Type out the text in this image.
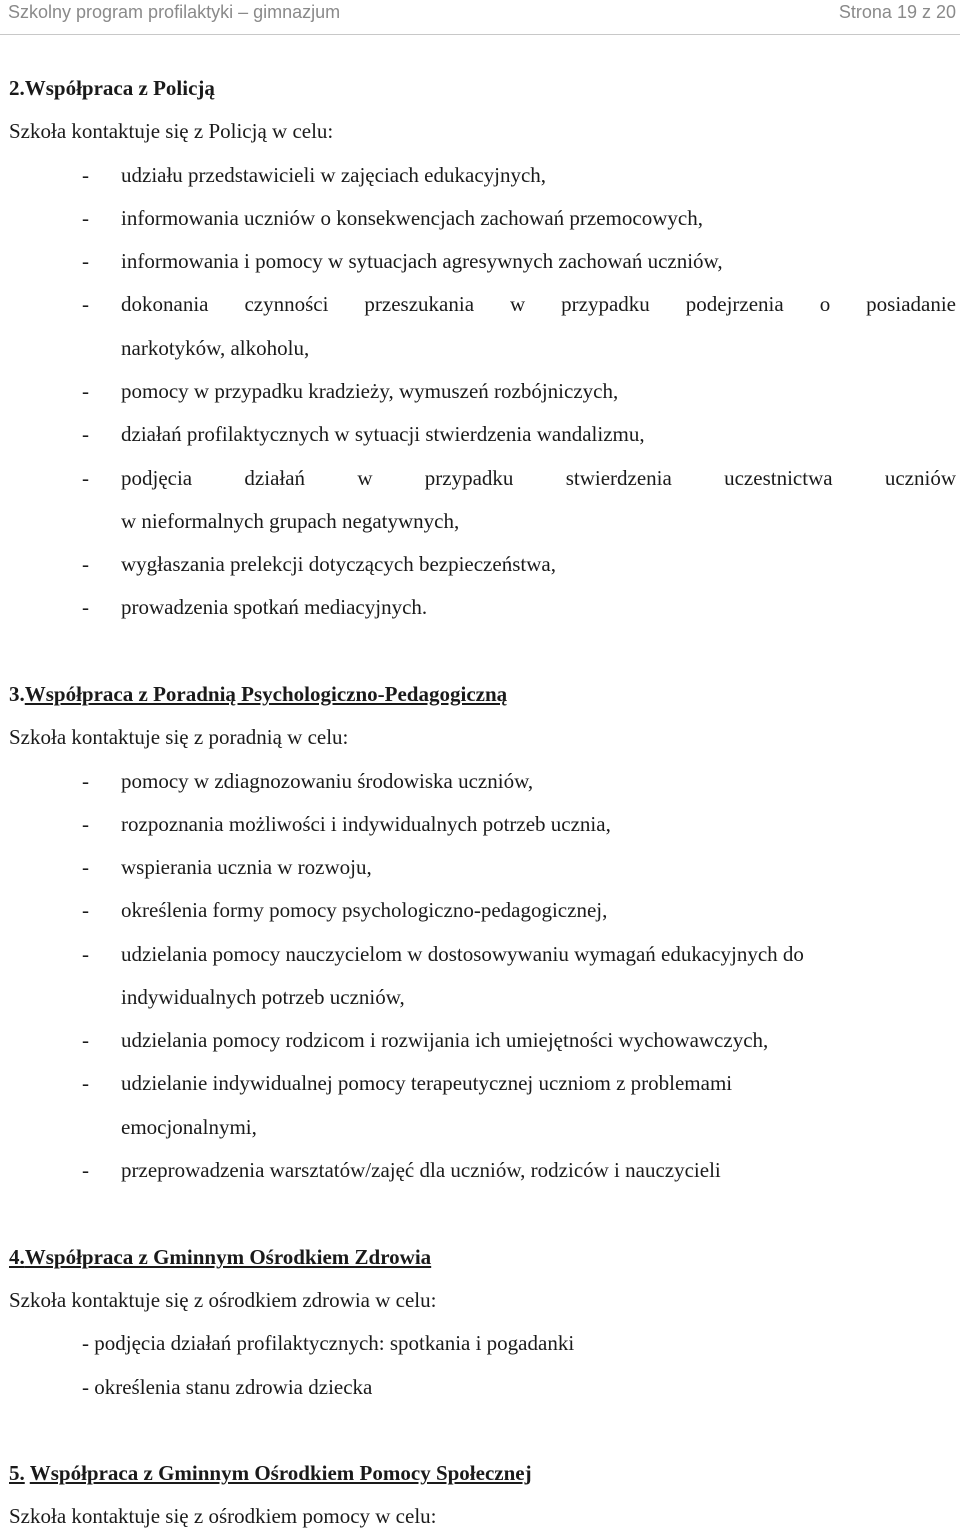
Szkolny program profilaktyki – gimnazjum	Strona 19 z 20
2.Współpraca z Policją
Szkoła kontaktuje się z Policją w celu:
- udziału przedstawicieli w zajęciach edukacyjnych,
- informowania uczniów o konsekwencjach zachowań przemocowych,
- informowania i pomocy w sytuacjach agresywnych zachowań uczniów,
- dokonania czynności przeszukania w przypadku podejrzenia o posiadanie
narkotyków, alkoholu,
- pomocy w przypadku kradzieży, wymuszeń rozbójniczych,
- działań profilaktycznych w sytuacji stwierdzenia wandalizmu,
- podjęcia działań w przypadku stwierdzenia uczestnictwa uczniów
w nieformalnych grupach negatywnych,
- wygłaszania prelekcji dotyczących bezpieczeństwa,
- prowadzenia spotkań mediacyjnych.
3.Współpraca z Poradnią Psychologiczno-Pedagogiczną
Szkoła kontaktuje się z poradnią w celu:
- pomocy w zdiagnozowaniu środowiska uczniów,
- rozpoznania możliwości i indywidualnych potrzeb ucznia,
- wspierania ucznia w rozwoju,
- określenia formy pomocy psychologiczno-pedagogicznej,
- udzielania pomocy nauczycielom w dostosowywaniu wymagań edukacyjnych do
indywidualnych potrzeb uczniów,
- udzielania pomocy rodzicom i rozwijania ich umiejętności wychowawczych,
- udzielanie indywidualnej pomocy terapeutycznej uczniom z problemami
emocjonalnymi,
- przeprowadzenia warsztatów/zajęć dla uczniów, rodziców i nauczycieli
4.Współpraca z Gminnym Ośrodkiem Zdrowia
Szkoła kontaktuje się z ośrodkiem zdrowia w celu:
- podjęcia działań profilaktycznych: spotkania i pogadanki
- określenia stanu zdrowia dziecka
5. Współpraca z Gminnym Ośrodkiem Pomocy Społecznej
Szkoła kontaktuje się z ośrodkiem pomocy w celu:
